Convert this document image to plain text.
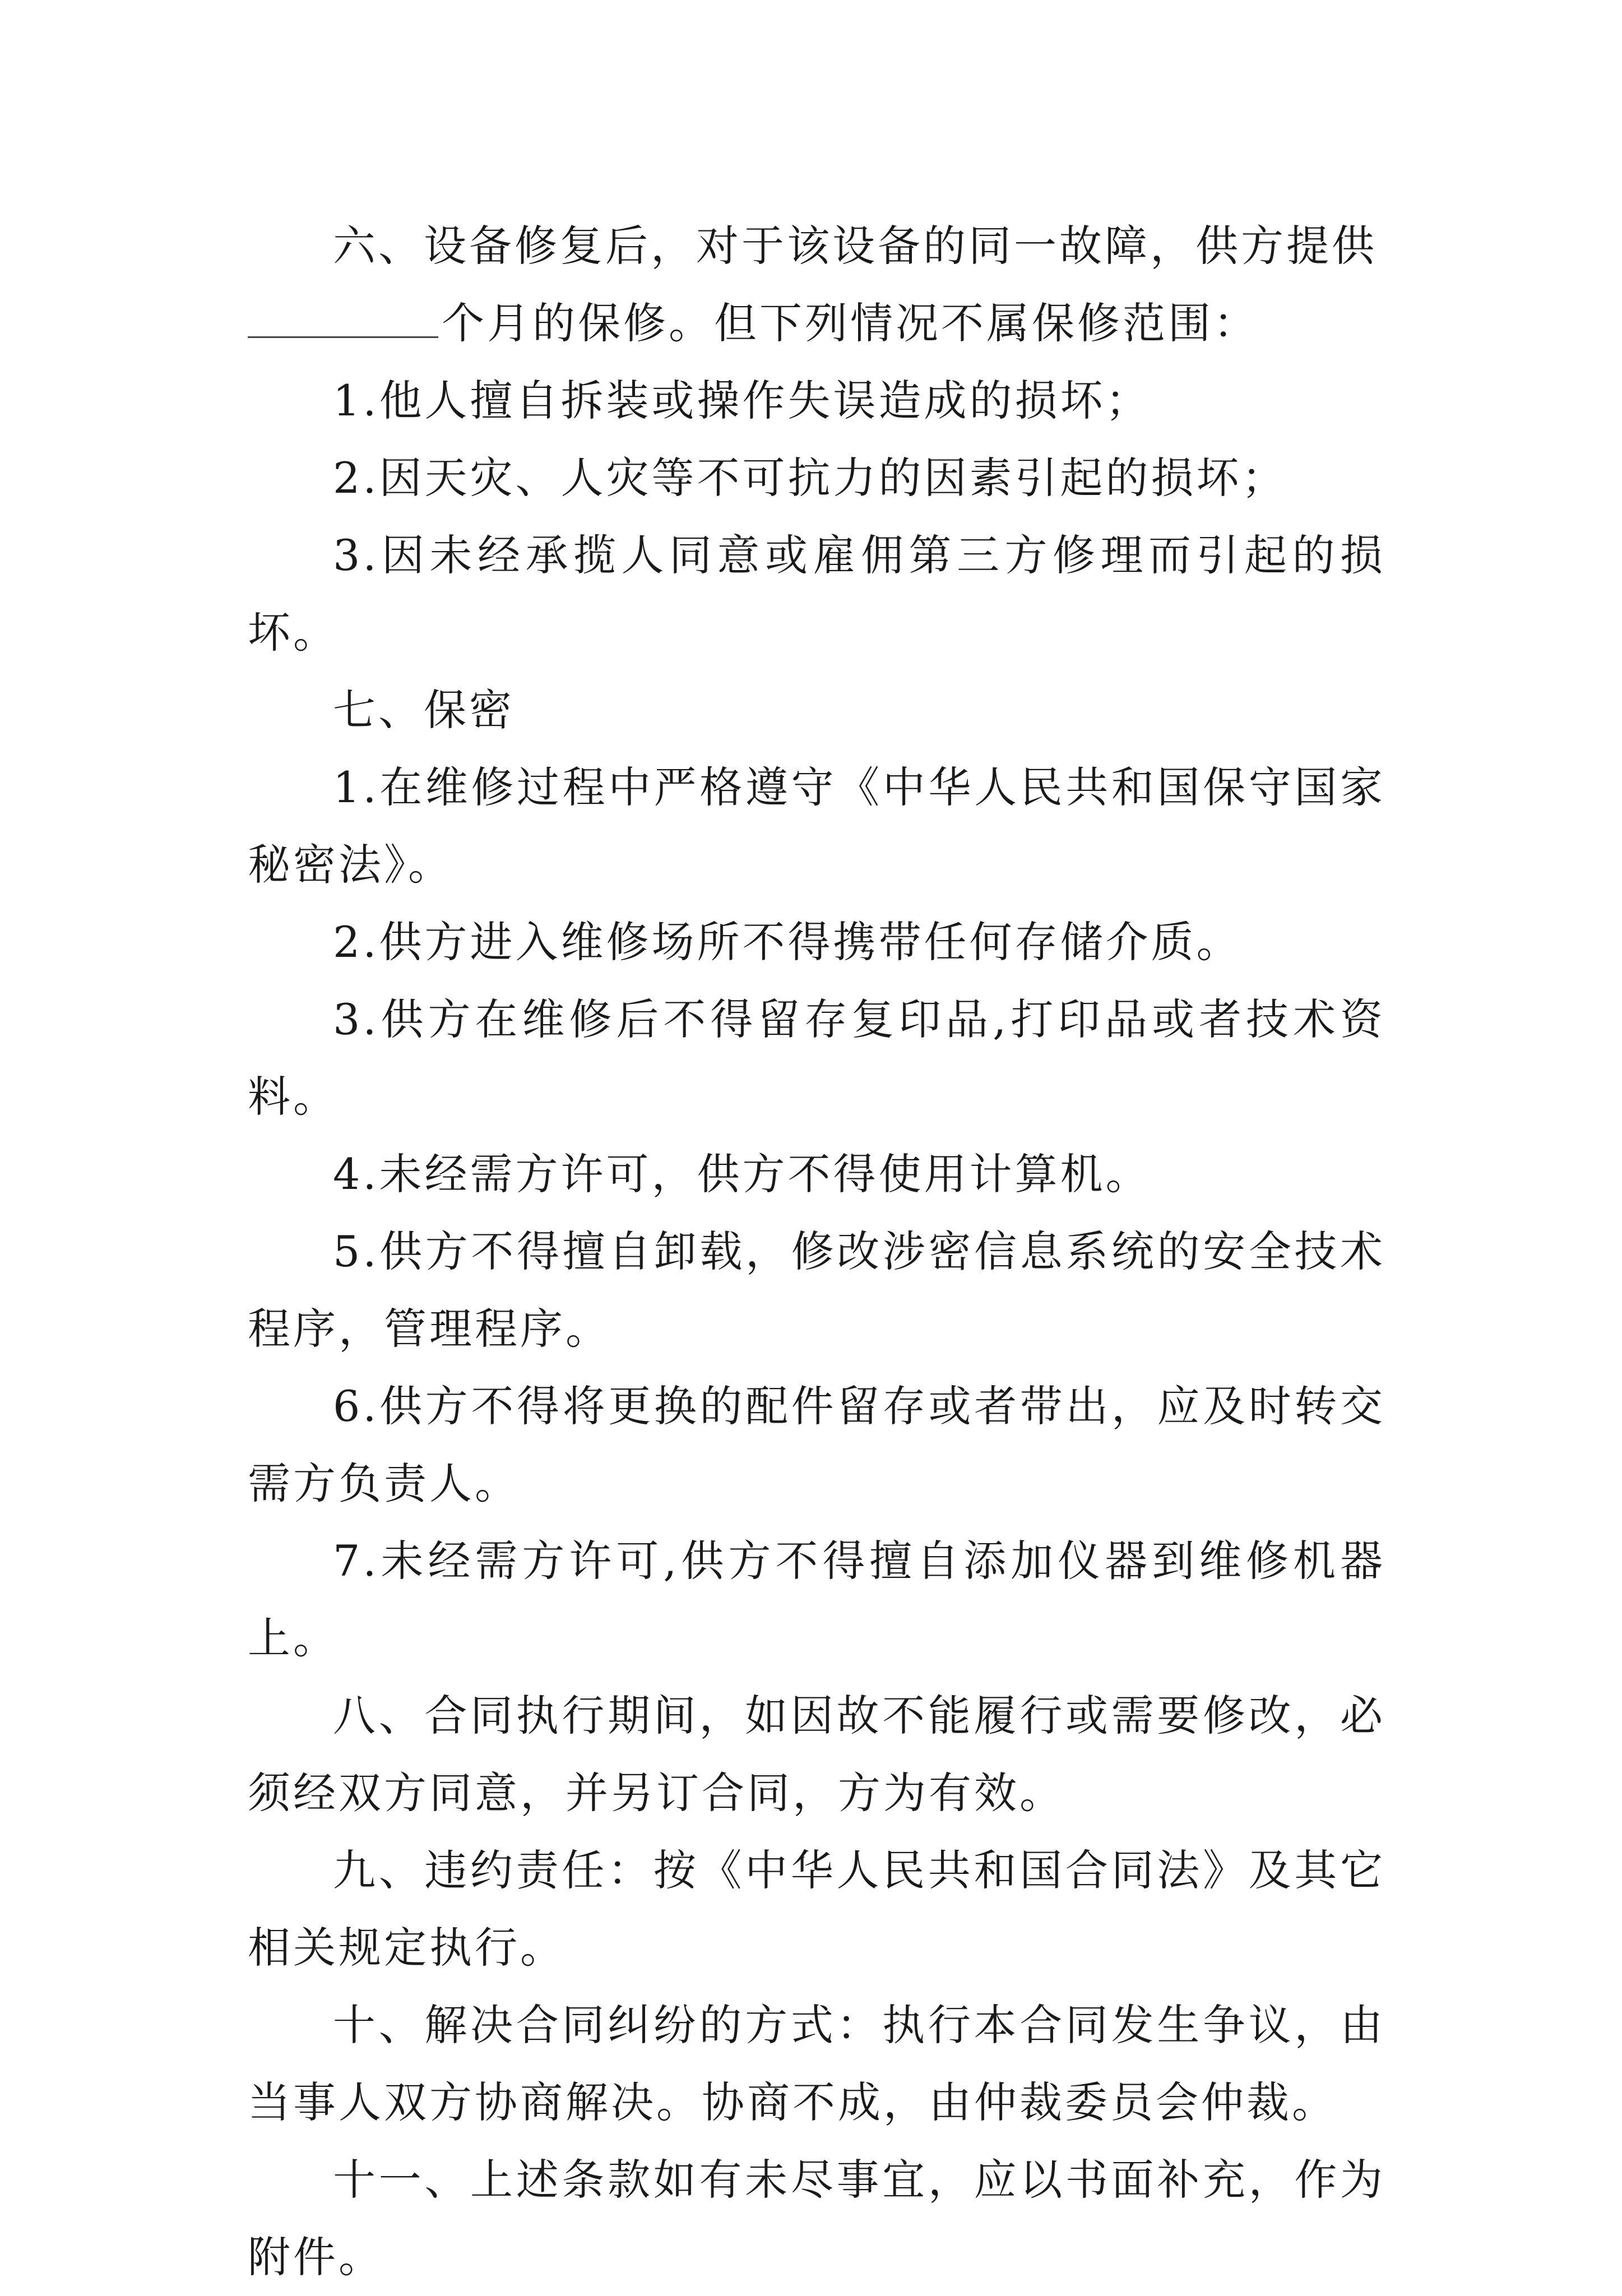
六、设备修复后，对于该设备的同一故障，供方提供

个月的保修。但下列情况不属保修范围：

1.他人擅自拆装或操作失误造成的损坏；

2.因天灾、人灾等不可抗力的因素引起的损坏；

3.因未经承揽人同意或雇佣第三方修理而引起的损坏。

七、保密

1.在维修过程中严格遵守《中华人民共和国保守国家秘密法》。

2.供方进入维修场所不得携带任何存储介质。

3.供方在维修后不得留存复印品,打印品或者技术资料。

4.未经需方许可，供方不得使用计算机。

5.供方不得擅自卸载，修改涉密信息系统的安全技术程序，管理程序。

6.供方不得将更换的配件留存或者带出，应及时转交需方负责人。

7.未经需方许可,供方不得擅自添加仪器到维修机器上。

八、合同执行期间，如因故不能履行或需要修改，必须经双方同意，并另订合同，方为有效。

九、违约责任：按《中华人民共和国合同法》及其它相关规定执行。

十、解决合同纠纷的方式：执行本合同发生争议，由当事人双方协商解决。协商不成，由仲裁委员会仲裁。

十一、上述条款如有未尽事宜，应以书面补充，作为附件。
